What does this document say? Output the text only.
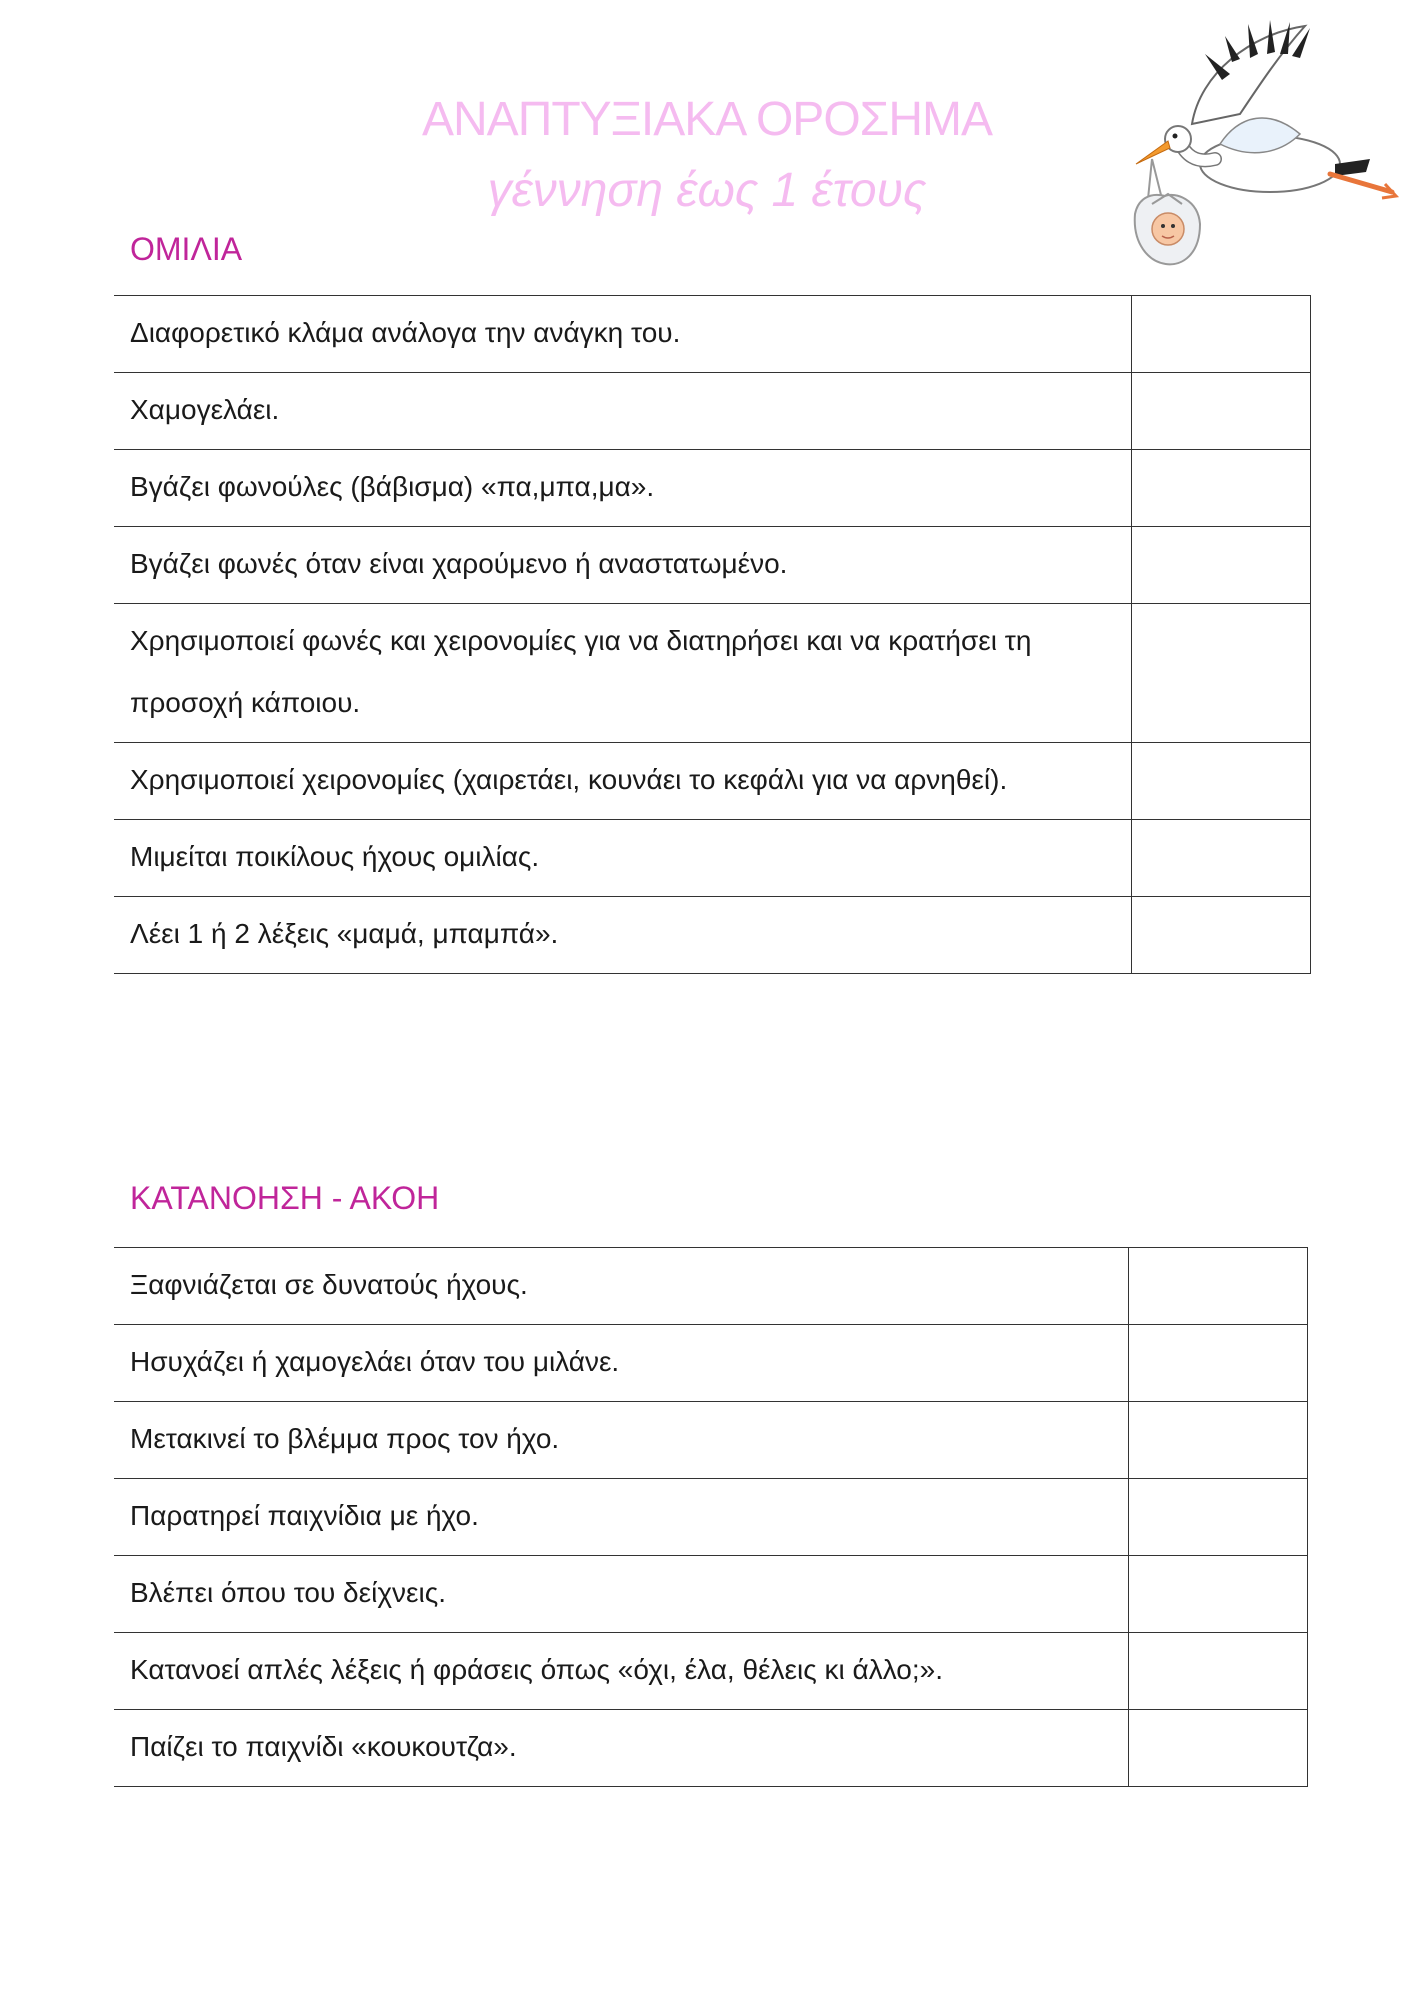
ΑΝΑΠΤΥΞΙΑΚΑ ΟΡΟΣΗΜΑ
γέννηση έως 1 έτους
ΟΜΙΛΙΑ
Διαφορετικό κλάμα ανάλογα την ανάγκη του.	
Χαμογελάει.	
Βγάζει φωνούλες (βάβισμα) «πα,μπα,μα».	
Βγάζει φωνές όταν είναι χαρούμενο ή αναστατωμένο.	
Χρησιμοποιεί φωνές και χειρονομίες για να διατηρήσει και να κρατήσει τη προσοχή κάποιου.	
Χρησιμοποιεί χειρονομίες (χαιρετάει, κουνάει το κεφάλι για να αρνηθεί).	
Μιμείται ποικίλους ήχους ομιλίας.	
Λέει 1 ή 2 λέξεις «μαμά, μπαμπά».	
ΚΑΤΑΝΟΗΣΗ - ΑΚΟΗ
Ξαφνιάζεται σε δυνατούς ήχους.	
Ησυχάζει ή χαμογελάει όταν του μιλάνε.	
Μετακινεί το βλέμμα προς τον ήχο.	
Παρατηρεί παιχνίδια με ήχο.	
Βλέπει όπου του δείχνεις.	
Κατανοεί απλές λέξεις ή φράσεις όπως «όχι, έλα, θέλεις κι άλλο;».	
Παίζει το παιχνίδι «κουκουτζα».	
